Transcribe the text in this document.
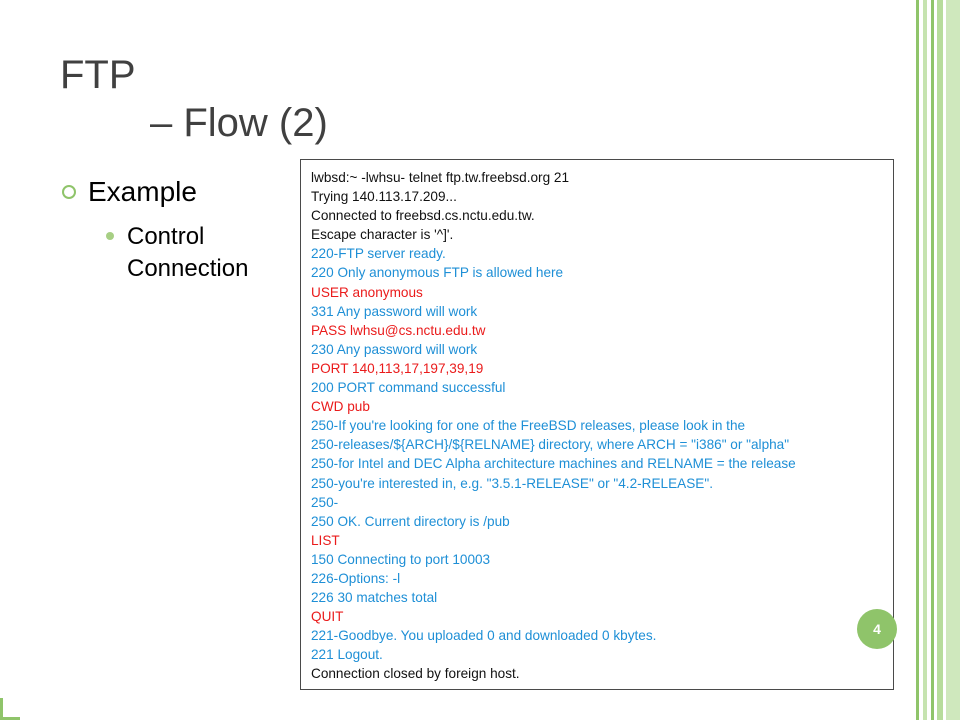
FTP
– Flow (2)
Example
Control Connection
lwbsd:~ -lwhsu- telnet ftp.tw.freebsd.org 21
Trying 140.113.17.209...
Connected to freebsd.cs.nctu.edu.tw.
Escape character is '^]'.
220-FTP server ready.
220 Only anonymous FTP is allowed here
USER anonymous
331 Any password will work
PASS lwhsu@cs.nctu.edu.tw
230 Any password will work
PORT 140,113,17,197,39,19
200 PORT command successful
CWD pub
250-If you're looking for one of the FreeBSD releases, please look in the
250-releases/${ARCH}/${RELNAME} directory, where ARCH = "i386" or "alpha"
250-for Intel and DEC Alpha architecture machines and RELNAME = the release
250-you're interested in, e.g. "3.5.1-RELEASE" or "4.2-RELEASE".
250-
250 OK. Current directory is /pub
LIST
150 Connecting to port 10003
226-Options: -l
226 30 matches total
QUIT
221-Goodbye. You uploaded 0 and downloaded 0 kbytes.
221 Logout.
Connection closed by foreign host.
4
